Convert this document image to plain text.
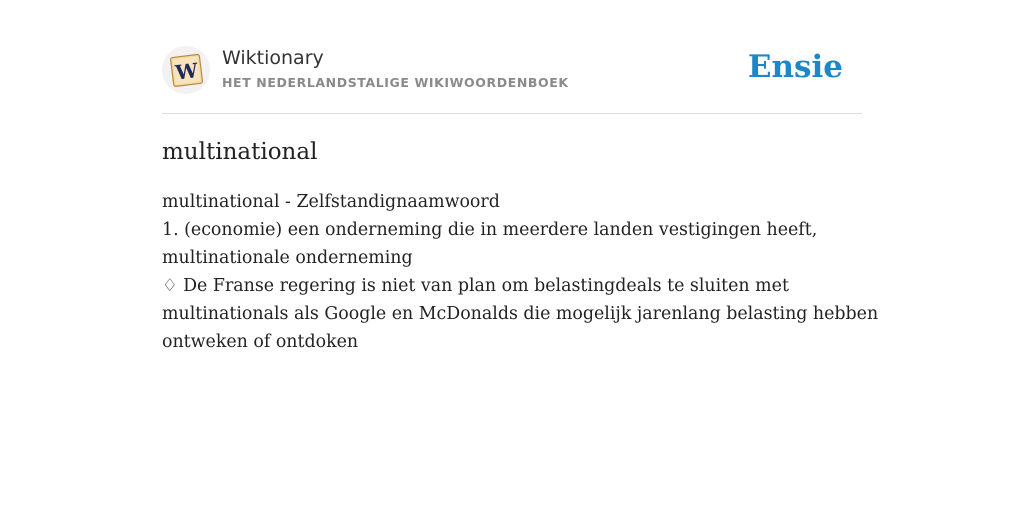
W
Wiktionary
HET NEDERLANDSTALIGE WIKIWOORDENBOEK	Ensie
multinational
multinational - Zelfstandignaamwoord
1. (economie) een onderneming die in meerdere landen vestigingen heeft,
multinationale onderneming
♢ De Franse regering is niet van plan om belastingdeals te sluiten met
multinationals als Google en McDonalds die mogelijk jarenlang belasting hebben
ontweken of ontdoken
